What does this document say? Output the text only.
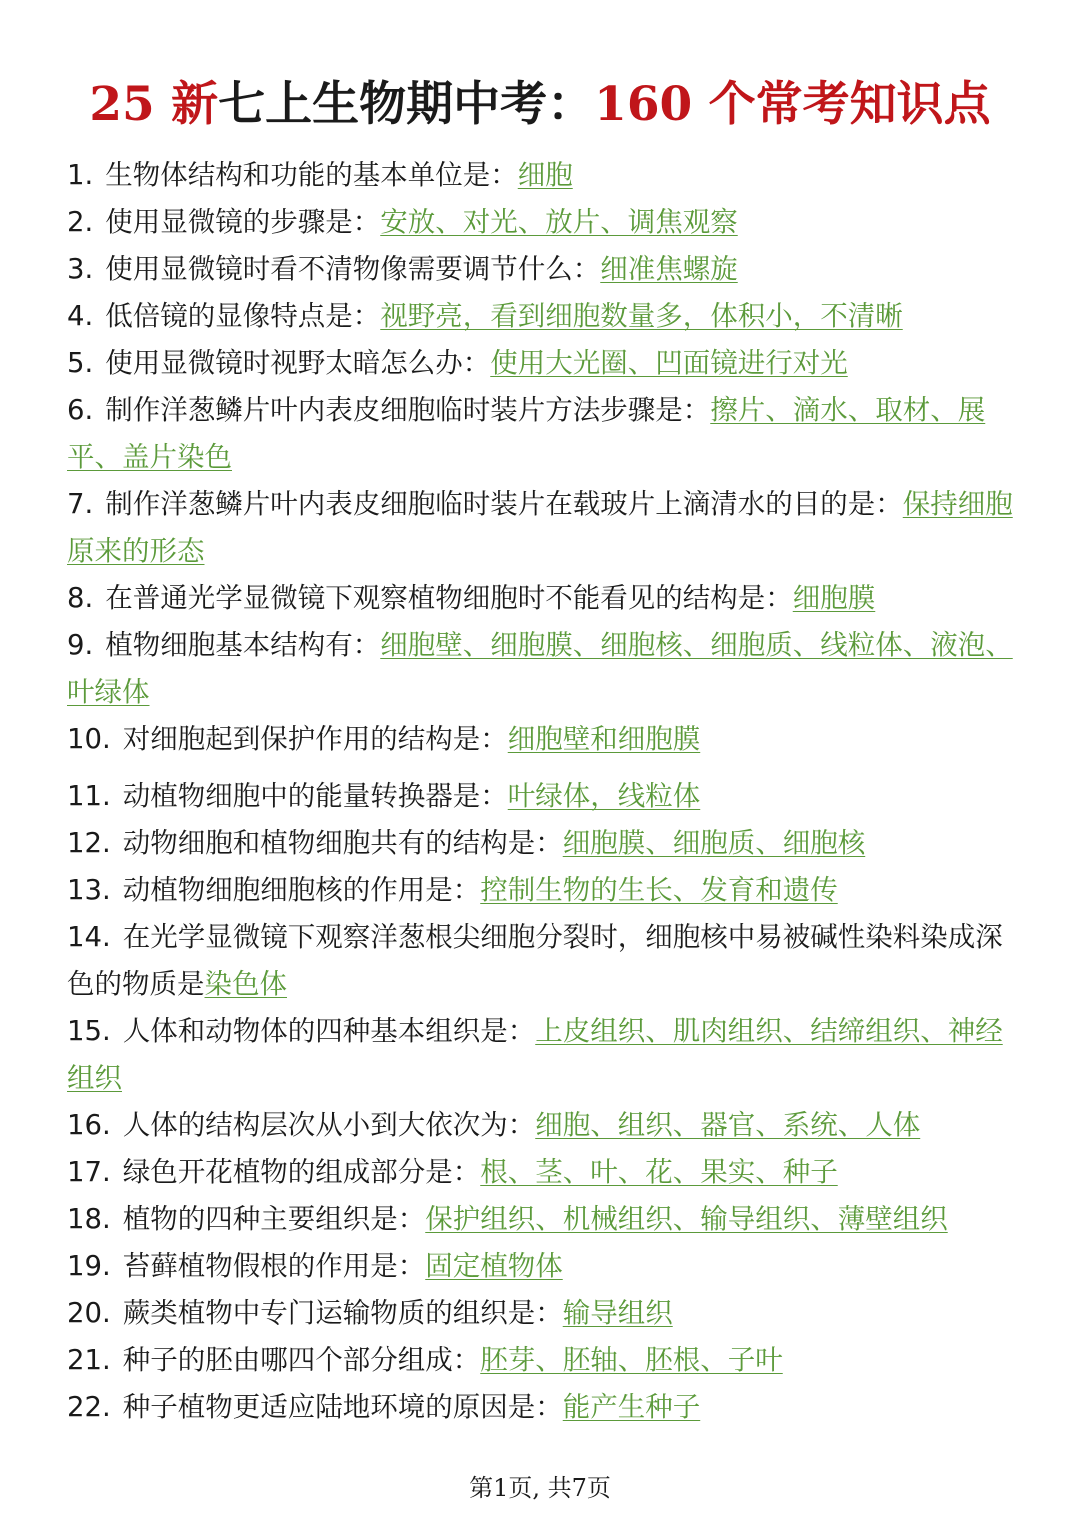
25 新七上生物期中考：160 个常考知识点
1. 生物体结构和功能的基本单位是：细胞
2. 使用显微镜的步骤是：安放、对光、放片、调焦观察
3. 使用显微镜时看不清物像需要调节什么：细准焦螺旋
4. 低倍镜的显像特点是：视野亮，看到细胞数量多，体积小，不清晰
5. 使用显微镜时视野太暗怎么办：使用大光圈、凹面镜进行对光
6. 制作洋葱鳞片叶内表皮细胞临时装片方法步骤是：擦片、滴水、取材、展平、盖片染色
7. 制作洋葱鳞片叶内表皮细胞临时装片在载玻片上滴清水的目的是：保持细胞原来的形态
8. 在普通光学显微镜下观察植物细胞时不能看见的结构是：细胞膜
9. 植物细胞基本结构有：细胞壁、细胞膜、细胞核、细胞质、线粒体、液泡、叶绿体
10. 对细胞起到保护作用的结构是：细胞壁和细胞膜
11. 动植物细胞中的能量转换器是：叶绿体，线粒体
12. 动物细胞和植物细胞共有的结构是：细胞膜、细胞质、细胞核
13. 动植物细胞细胞核的作用是：控制生物的生长、发育和遗传
14. 在光学显微镜下观察洋葱根尖细胞分裂时，细胞核中易被碱性染料染成深色的物质是染色体
15. 人体和动物体的四种基本组织是：上皮组织、肌肉组织、结缔组织、神经组织
16. 人体的结构层次从小到大依次为：细胞、组织、器官、系统、人体
17. 绿色开花植物的组成部分是：根、茎、叶、花、果实、种子
18. 植物的四种主要组织是：保护组织、机械组织、输导组织、薄壁组织
19. 苔藓植物假根的作用是：固定植物体
20. 蕨类植物中专门运输物质的组织是：输导组织
21. 种子的胚由哪四个部分组成：胚芽、胚轴、胚根、子叶
22. 种子植物更适应陆地环境的原因是：能产生种子
第1页, 共7页
